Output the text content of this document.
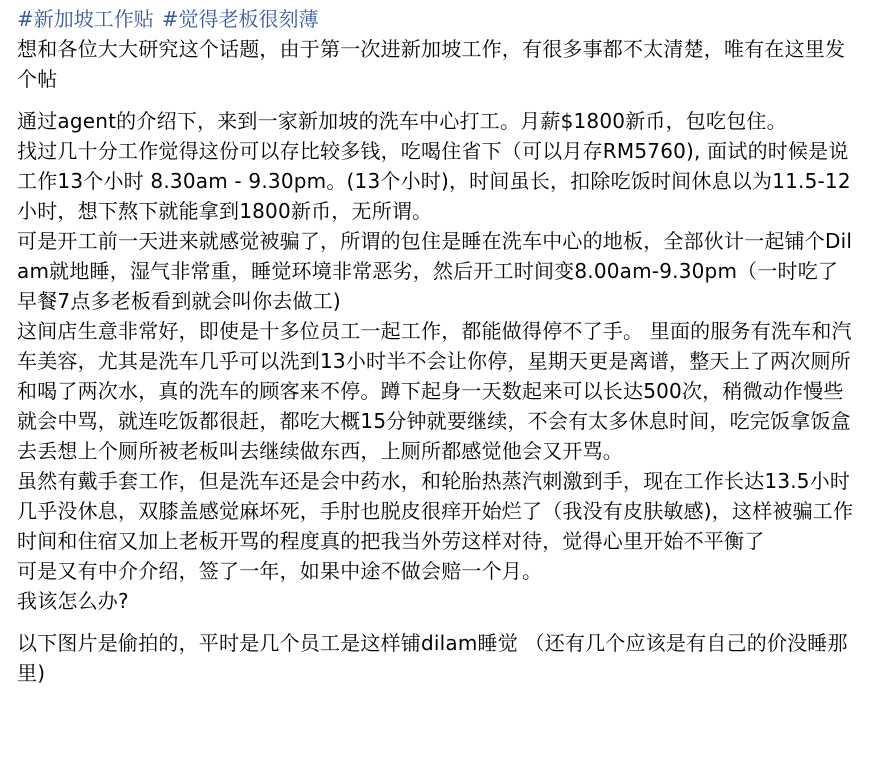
#新加坡工作贴 #觉得老板很刻薄

想和各位大大研究这个话题，由于第一次进新加坡工作，有很多事都不太清楚，唯有在这里发个帖

通过agent的介绍下，来到一家新加坡的洗车中心打工。月薪$1800新币，包吃包住。

找过几十分工作觉得这份可以存比较多钱，吃喝住省下（可以月存RM5760), 面试的时候是说工作13个小时 8.30am - 9.30pm。(13个小时)，时间虽长，扣除吃饭时间休息以为11.5-12小时，想下熬下就能拿到1800新币，无所谓。

可是开工前一天进来就感觉被骗了，所谓的包住是睡在洗车中心的地板，全部伙计一起铺个Dilam就地睡，湿气非常重，睡觉环境非常恶劣，然后开工时间变8.00am-9.30pm（一时吃了早餐7点多老板看到就会叫你去做工)

这间店生意非常好，即使是十多位员工一起工作，都能做得停不了手。 里面的服务有洗车和汽车美容，尤其是洗车几乎可以洗到13小时半不会让你停，星期天更是离谱，整天上了两次厕所和喝了两次水，真的洗车的顾客来不停。蹲下起身一天数起来可以长达500次，稍微动作慢些就会中骂，就连吃饭都很赶，都吃大概15分钟就要继续，不会有太多休息时间，吃完饭拿饭盒去丢想上个厕所被老板叫去继续做东西，上厕所都感觉他会又开骂。

虽然有戴手套工作，但是洗车还是会中药水，和轮胎热蒸汽刺激到手，现在工作长达13.5小时几乎没休息，双膝盖感觉麻坏死，手肘也脱皮很痒开始烂了（我没有皮肤敏感)，这样被骗工作时间和住宿又加上老板开骂的程度真的把我当外劳这样对待，觉得心里开始不平衡了

可是又有中介介绍，签了一年，如果中途不做会赔一个月。

我该怎么办?

以下图片是偷拍的，平时是几个员工是这样铺dilam睡觉 （还有几个应该是有自己的价没睡那里)
